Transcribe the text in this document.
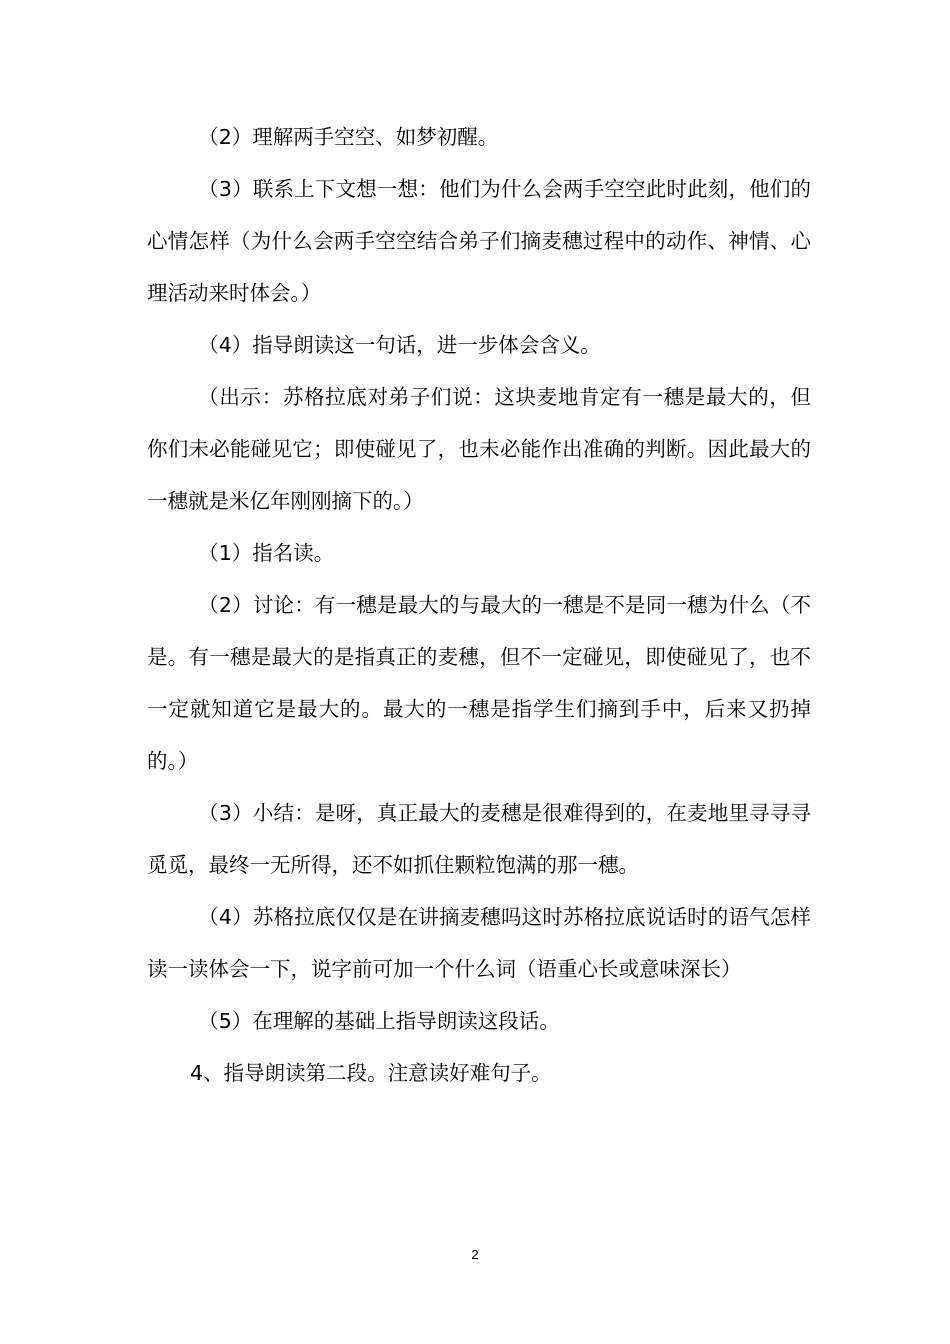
（2）理解两手空空、如梦初醒。

（3）联系上下文想一想：他们为什么会两手空空此时此刻，他们的心情怎样（为什么会两手空空结合弟子们摘麦穗过程中的动作、神情、心理活动来时体会。）

（4）指导朗读这一句话，进一步体会含义。

（出示：苏格拉底对弟子们说：这块麦地肯定有一穗是最大的，但你们未必能碰见它；即使碰见了，也未必能作出准确的判断。因此最大的一穗就是米亿年刚刚摘下的。）

（1）指名读。

（2）讨论：有一穗是最大的与最大的一穗是不是同一穗为什么（不是。有一穗是最大的是指真正的麦穗，但不一定碰见，即使碰见了，也不一定就知道它是最大的。最大的一穗是指学生们摘到手中，后来又扔掉的。）

（3）小结：是呀，真正最大的麦穗是很难得到的，在麦地里寻寻寻觅觅，最终一无所得，还不如抓住颗粒饱满的那一穗。

（4）苏格拉底仅仅是在讲摘麦穗吗这时苏格拉底说话时的语气怎样读一读体会一下，说字前可加一个什么词（语重心长或意味深长）

（5）在理解的基础上指导朗读这段话。

4、指导朗读第二段。注意读好难句子。

2
